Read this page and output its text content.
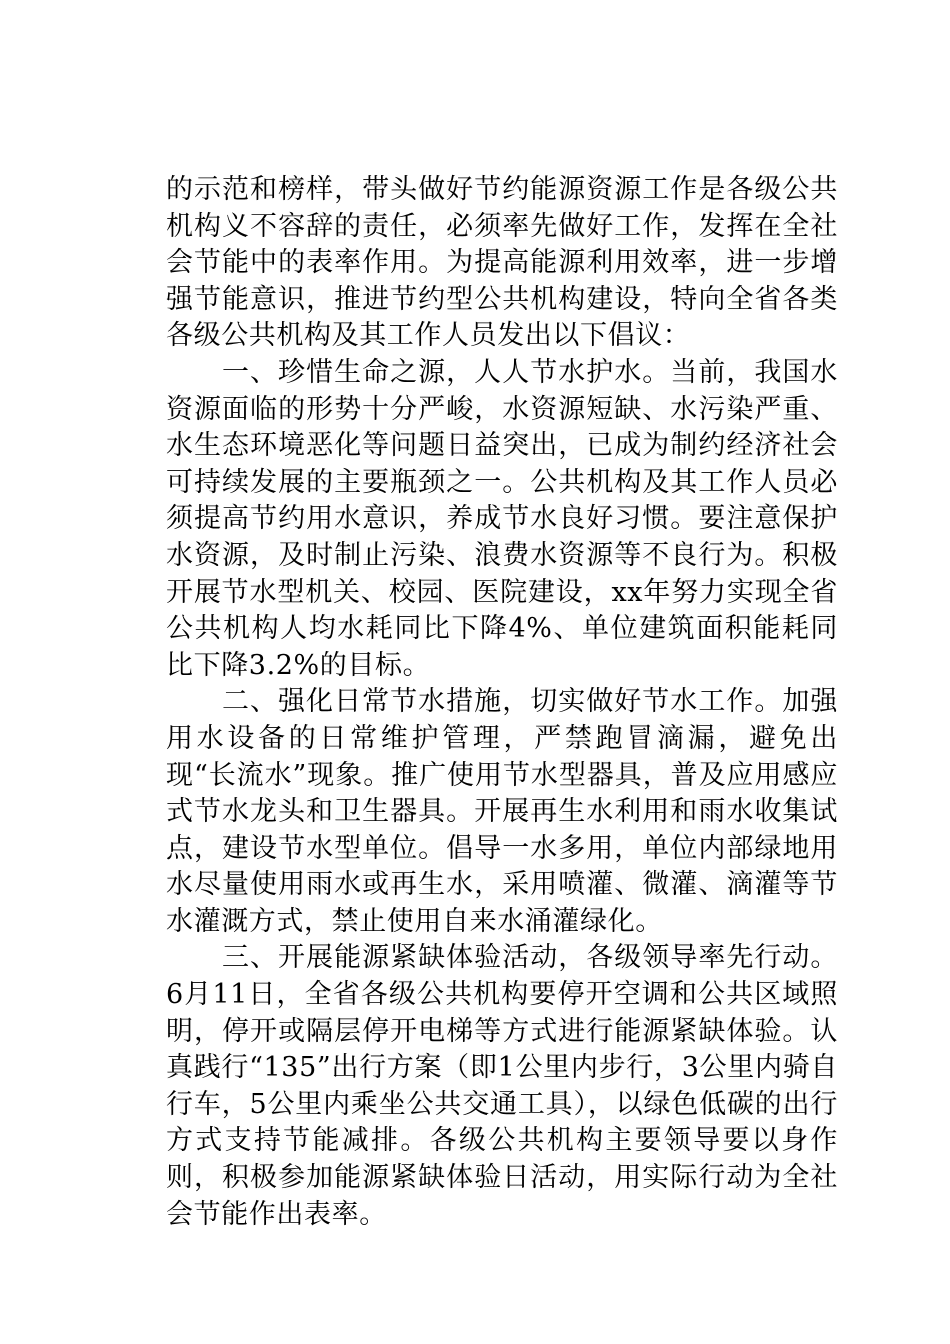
的示范和榜样，带头做好节约能源资源工作是各级公共机构义不容辞的责任，必须率先做好工作，发挥在全社会节能中的表率作用。为提高能源利用效率，进一步增强节能意识，推进节约型公共机构建设，特向全省各类各级公共机构及其工作人员发出以下倡议：

一、珍惜生命之源，人人节水护水。当前，我国水资源面临的形势十分严峻，水资源短缺、水污染严重、水生态环境恶化等问题日益突出，已成为制约经济社会可持续发展的主要瓶颈之一。公共机构及其工作人员必须提高节约用水意识，养成节水良好习惯。要注意保护水资源，及时制止污染、浪费水资源等不良行为。积极开展节水型机关、校园、医院建设，xx年努力实现全省公共机构人均水耗同比下降4%、单位建筑面积能耗同比下降3.2%的目标。

二、强化日常节水措施，切实做好节水工作。加强用水设备的日常维护管理，严禁跑冒滴漏，避免出现“长流水”现象。推广使用节水型器具，普及应用感应式节水龙头和卫生器具。开展再生水利用和雨水收集试点，建设节水型单位。倡导一水多用，单位内部绿地用水尽量使用雨水或再生水，采用喷灌、微灌、滴灌等节水灌溉方式，禁止使用自来水涌灌绿化。

三、开展能源紧缺体验活动，各级领导率先行动。6月11日，全省各级公共机构要停开空调和公共区域照明，停开或隔层停开电梯等方式进行能源紧缺体验。认真践行“135”出行方案（即1公里内步行，3公里内骑自行车，5公里内乘坐公共交通工具），以绿色低碳的出行方式支持节能减排。各级公共机构主要领导要以身作则，积极参加能源紧缺体验日活动，用实际行动为全社会节能作出表率。
